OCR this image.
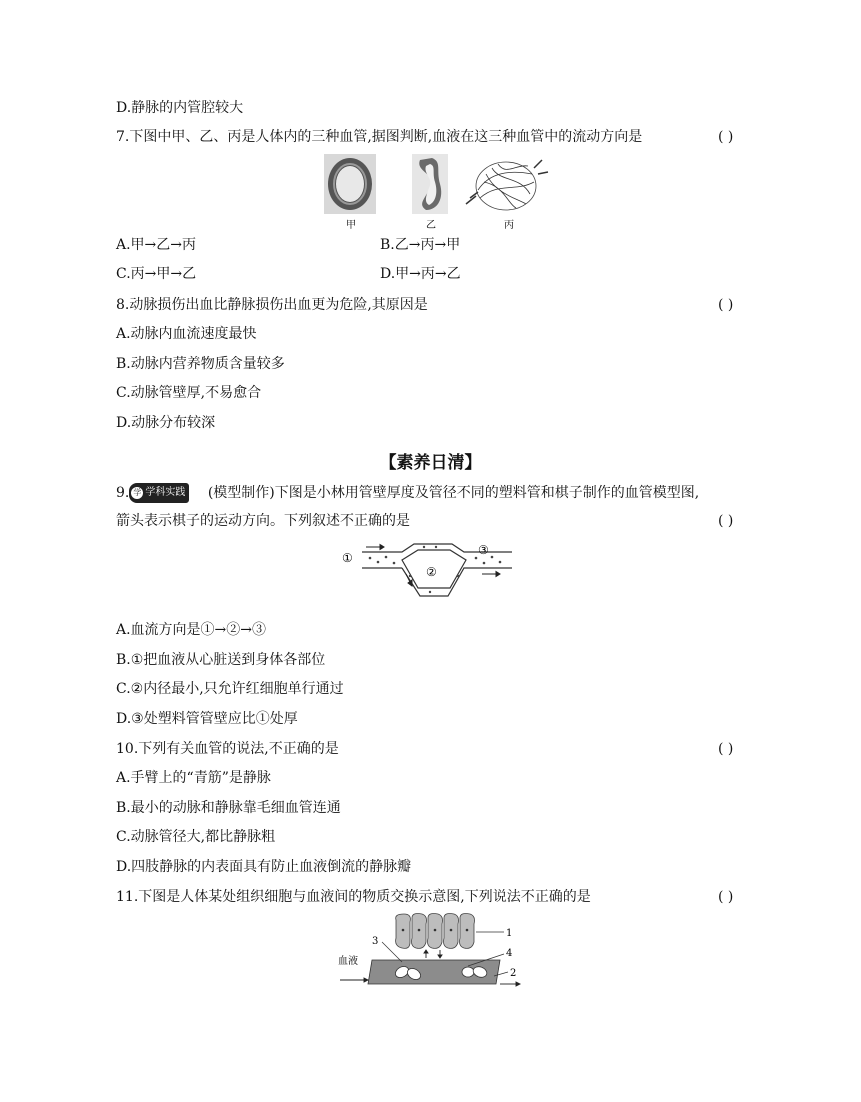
D.静脉的内管腔较大
7.下图中甲、乙、丙是人体内的三种血管,据图判断,血液在这三种血管中的流动方向是	( )
甲	乙	丙
A.甲→乙→丙	B.乙→丙→甲
C.丙→甲→乙	D.甲→丙→乙
8.动脉损伤出血比静脉损伤出血更为危险,其原因是	( )
A.动脉内血流速度最快
B.动脉内营养物质含量较多
C.动脉管壁厚,不易愈合
D.动脉分布较深
【素养日清】
9. 学 学科实践 (模型制作)下图是小林用管壁厚度及管径不同的塑料管和棋子制作的血管模型图,
箭头表示棋子的运动方向。下列叙述不正确的是	( )
①
②
③
A.血流方向是①→②→③
B.①把血液从心脏送到身体各部位
C.②内径最小,只允许红细胞单行通过
D.③处塑料管管壁应比①处厚
10.下列有关血管的说法,不正确的是	( )
A.手臂上的“青筋”是静脉
B.最小的动脉和静脉靠毛细血管连通
C.动脉管径大,都比静脉粗
D.四肢静脉的内表面具有防止血液倒流的静脉瓣
11.下图是人体某处组织细胞与血液间的物质交换示意图,下列说法不正确的是	( )
1
2
3
4
血液
